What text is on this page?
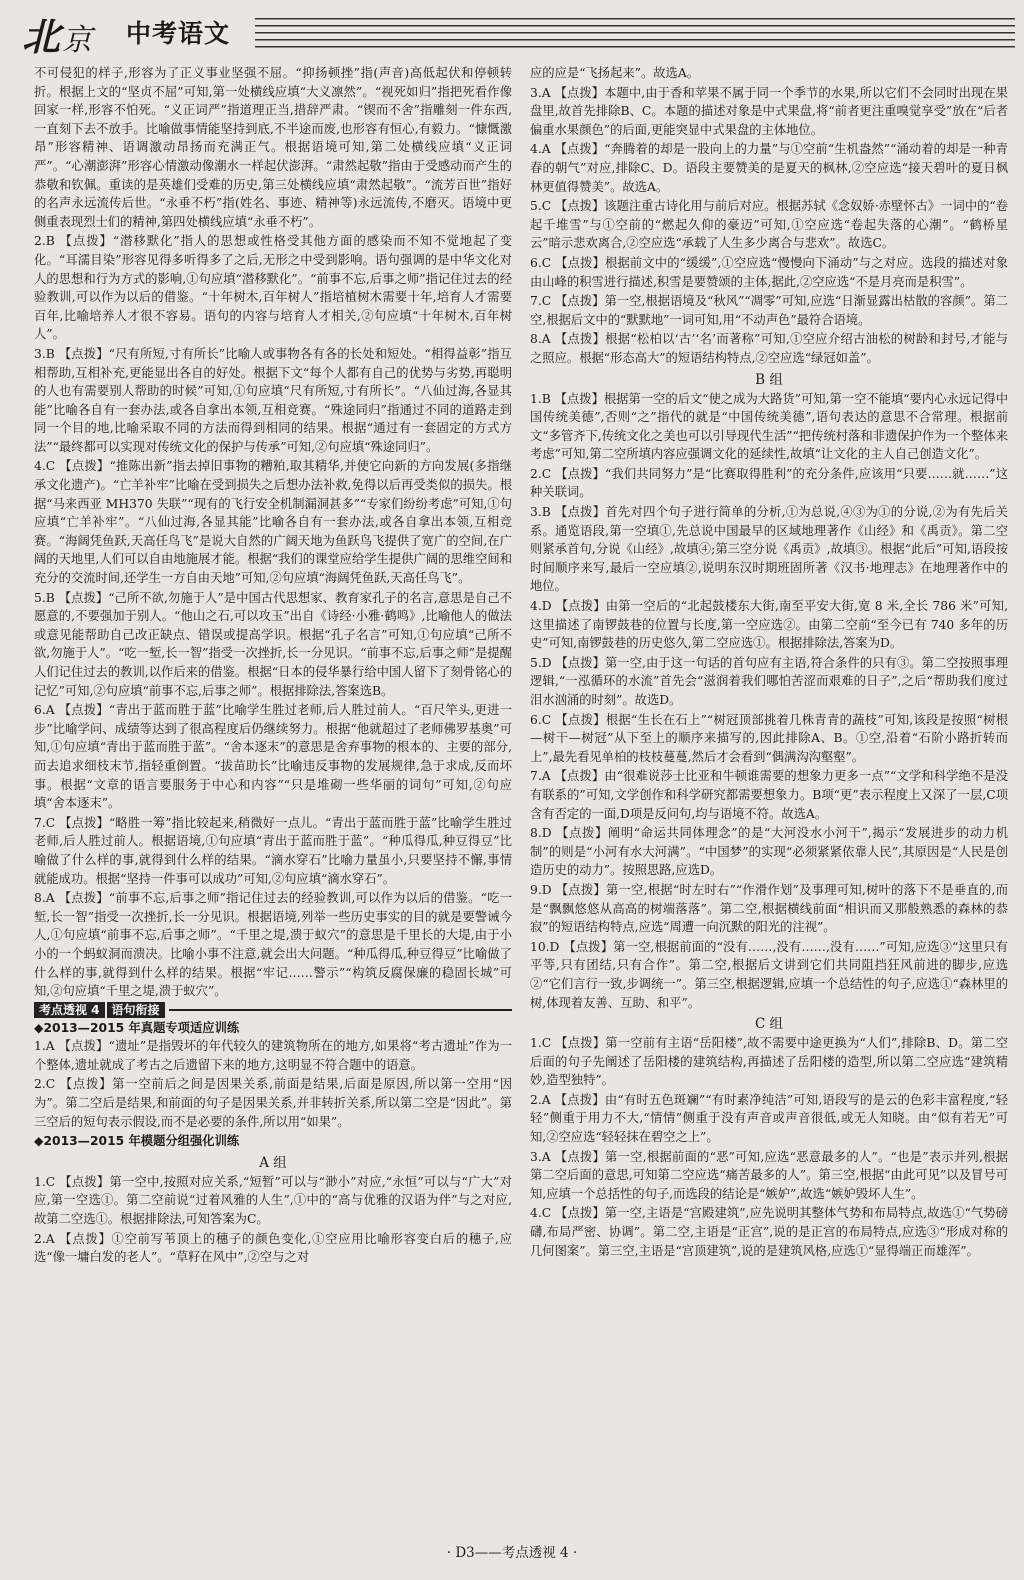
北京 中考语文
不可侵犯的样子,形容为了正义事业坚强不屈。“抑扬顿挫”指(声音)高低起伏和停顿转折。根据上文的“坚贞不屈”可知,第一处横线应填“大义凛然”。“视死如归”指把死看作像回家一样,形容不怕死。“义正词严”指道理正当,措辞严肃。“锲而不舍”指雕刻一件东西,一直刻下去不放手。比喻做事情能坚持到底,不半途而废,也形容有恒心,有毅力。“慷慨激昂”形容精神、语调激动昂扬而充满正气。根据语境可知,第二处横线应填“义正词严”。“心潮澎湃”形容心情激动像潮水一样起伏澎湃。“肃然起敬”指由于受感动而产生的恭敬和钦佩。重读的是英雄们受难的历史,第三处横线应填“肃然起敬”。“流芳百世”指好的名声永远流传后世。“永垂不朽”指(姓名、事迹、精神等)永远流传,不磨灭。语境中更侧重表现烈士们的精神,第四处横线应填“永垂不朽”。
2.B 【点拨】“潜移默化”指人的思想或性格受其他方面的感染而不知不觉地起了变化。“耳濡目染”形容见得多听得多了之后,无形之中受到影响。语句强调的是中华文化对人的思想和行为方式的影响,①句应填“潜移默化”。“前事不忘,后事之师”指记住过去的经验教训,可以作为以后的借鉴。“十年树木,百年树人”指培植树木需要十年,培育人才需要百年,比喻培养人才很不容易。语句的内容与培育人才相关,②句应填“十年树木,百年树人”。
3.B 【点拨】“尺有所短,寸有所长”比喻人或事物各有各的长处和短处。“相得益彰”指互相帮助,互相补充,更能显出各自的好处。根据下文“每个人都有自己的优势与劣势,再聪明的人也有需要别人帮助的时候”可知,①句应填“尺有所短,寸有所长”。“八仙过海,各显其能”比喻各自有一套办法,或各自拿出本领,互相竞赛。“殊途同归”指通过不同的道路走到同一个目的地,比喻采取不同的方法而得到相同的结果。根据“通过有一套固定的方式方法”“最终都可以实现对传统文化的保护与传承”可知,②句应填“殊途同归”。
4.C 【点拨】“推陈出新”指去掉旧事物的糟粕,取其精华,并使它向新的方向发展(多指继承文化遗产)。“亡羊补牢”比喻在受到损失之后想办法补救,免得以后再受类似的损失。根据“马来西亚 MH370 失联”“现有的飞行安全机制漏洞甚多”“专家们纷纷考虑”可知,①句应填“亡羊补牢”。“八仙过海,各显其能”比喻各自有一套办法,或各自拿出本领,互相竞赛。“海阔凭鱼跃,天高任鸟飞”是说大自然的广阔天地为鱼跃鸟飞提供了宽广的空间,在广阔的天地里,人们可以自由地施展才能。根据“我们的课堂应给学生提供广阔的思维空间和充分的交流时间,还学生一方自由天地”可知,②句应填“海阔凭鱼跃,天高任鸟飞”。
5.B 【点拨】“己所不欲,勿施于人”是中国古代思想家、教育家孔子的名言,意思是自己不愿意的,不要强加于别人。“他山之石,可以攻玉”出自《诗经·小雅·鹤鸣》,比喻他人的做法或意见能帮助自己改正缺点、错误或提高学识。根据“孔子名言”可知,①句应填“己所不欲,勿施于人”。“吃一堑,长一智”指受一次挫折,长一分见识。“前事不忘,后事之师”是提醒人们记住过去的教训,以作后来的借鉴。根据“日本的侵华暴行给中国人留下了刻骨铭心的记忆”可知,②句应填“前事不忘,后事之师”。根据排除法,答案选B。
6.A 【点拨】“青出于蓝而胜于蓝”比喻学生胜过老师,后人胜过前人。“百尺竿头,更进一步”比喻学问、成绩等达到了很高程度后仍继续努力。根据“他就超过了老师佛罗基奥”可知,①句应填“青出于蓝而胜于蓝”。“舍本逐末”的意思是舍弃事物的根本的、主要的部分,而去追求细枝末节,指轻重倒置。“拔苗助长”比喻违反事物的发展规律,急于求成,反而坏事。根据“文章的语言要服务于中心和内容”“只是堆砌一些华丽的词句”可知,②句应填“舍本逐末”。
7.C 【点拨】“略胜一筹”指比较起来,稍微好一点儿。“青出于蓝而胜于蓝”比喻学生胜过老师,后人胜过前人。根据语境,①句应填“青出于蓝而胜于蓝”。“种瓜得瓜,种豆得豆”比喻做了什么样的事,就得到什么样的结果。“滴水穿石”比喻力量虽小,只要坚持不懈,事情就能成功。根据“坚持一件事可以成功”可知,②句应填“滴水穿石”。
8.A 【点拨】“前事不忘,后事之师”指记住过去的经验教训,可以作为以后的借鉴。“吃一堑,长一智”指受一次挫折,长一分见识。根据语境,列举一些历史事实的目的就是要警诫今人,①句应填“前事不忘,后事之师”。“千里之堤,溃于蚁穴”的意思是千里长的大堤,由于小小的一个蚂蚁洞而溃决。比喻小事不注意,就会出大问题。“种瓜得瓜,种豆得豆”比喻做了什么样的事,就得到什么样的结果。根据“牢记……警示”“构筑反腐保廉的稳固长城”可知,②句应填“千里之堤,溃于蚁穴”。
考点透视 4	语句衔接
◆2013—2015 年真题专项适应训练
1.A 【点拨】“遗址”是指毁坏的年代较久的建筑物所在的地方,如果将“考古遗址”作为一个整体,遗址就成了考古之后遗留下来的地方,这明显不符合题中的语意。
2.C 【点拨】第一空前后之间是因果关系,前面是结果,后面是原因,所以第一空用“因为”。第二空后是结果,和前面的句子是因果关系,并非转折关系,所以第二空是“因此”。第三空后的短句表示假设,而不是必要的条件,所以用“如果”。
◆2013—2015 年模题分组强化训练
A 组
1.C 【点拨】第一空中,按照对应关系,“短暂”可以与“渺小”对应,“永恒”可以与“广大”对应,第一空选①。第二空前说“过着风雅的人生”,①中的“高与优雅的汉语为伴”与之对应,故第二空选①。根据排除法,可知答案为C。
2.A 【点拨】①空前写苇顶上的穗子的颜色变化,①空应用比喻形容变白后的穗子,应选“像一墉白发的老人”。“草籽在风中”,②空与之对
应的应是“飞扬起来”。故选A。
3.A 【点拨】本题中,由于香和苹果不属于同一个季节的水果,所以它们不会同时出现在果盘里,故首先排除B、C。本题的描述对象是中式果盘,将“前者更注重嗅觉享受”放在“后者偏重水果颜色”的后面,更能突显中式果盘的主体地位。
4.A 【点拨】“奔腾着的却是一股向上的力量”与①空前“生机盎然”“涌动着的却是一种青春的朝气”对应,排除C、D。语段主要赞美的是夏天的枫林,②空应选“接天碧叶的夏日枫林更值得赞美”。故选A。
5.C 【点拨】该题注重古诗化用与前后对应。根据苏轼《念奴娇·赤壁怀古》一词中的“卷起千堆雪”与①空前的“燃起久仰的豪迈”可知,①空应选“卷起失落的心潮”。“鹤桥星云”暗示悲欢离合,②空应选“承载了人生多少离合与悲欢”。故选C。
6.C 【点拨】根据前文中的“缓缓”,①空应选“慢慢向下涌动”与之对应。选段的描述对象由山峰的积雪进行描述,积雪是要赞颂的主体,据此,②空应选“不是月亮而是积雪”。
7.C 【点拨】第一空,根据语境及“秋风”“凋零”可知,应选“日渐显露出枯散的容颜”。第二空,根据后文中的“默默地”一词可知,用“不动声色”最符合语境。
8.A 【点拨】根据“松柏以‘古’‘名’而著称”可知,①空应介绍古油松的树龄和封号,才能与之照应。根据“形态高大”的短语结构特点,②空应选“绿冠如盖”。
B 组
1.B 【点拨】根据第一空的后文“使之成为大路货”可知,第一空不能填“要内心永远记得中国传统美德”,否则“之”指代的就是“中国传统美德”,语句表达的意思不合常理。根据前文“多管齐下,传统文化之美也可以引导现代生活”“把传统村落和非遗保护作为一个整体来考虑”可知,第二空所填内容应强调文化的延续性,故填“让文化的主人自己创造文化”。
2.C 【点拨】“我们共同努力”是“比赛取得胜利”的充分条件,应该用“只要……就……”这种关联词。
3.B 【点拨】首先对四个句子进行简单的分析,①为总说,④③为①的分说,②为有先后关系。通览语段,第一空填①,先总说中国最早的区域地理著作《山经》和《禹贡》。第二空则紧承首句,分说《山经》,故填④;第三空分说《禹贡》,故填③。根据“此后”可知,语段按时间顺序来写,最后一空应填②,说明东汉时期班固所著《汉书·地理志》在地理著作中的地位。
4.D 【点拨】由第一空后的“北起鼓楼东大街,南至平安大街,宽 8 米,全长 786 米”可知,这里描述了南锣鼓巷的位置与长度,第一空应选②。由第二空前“至今已有 740 多年的历史”可知,南锣鼓巷的历史悠久,第二空应选①。根据排除法,答案为D。
5.D 【点拨】第一空,由于这一句话的首句应有主语,符合条件的只有③。第二空按照事理逻辑,“一泓循环的水流”首先会“滋润着我们哪怕苦涩而艰难的日子”,之后“帮助我们度过泪水汹涌的时刻”。故选D。
6.C 【点拨】根据“生长在石上”“树冠顶部挑着几株青青的蔬枝”可知,该段是按照“树根—树干—树冠”从下至上的顺序来描写的,因此排除A、B。①空,沿着“石阶小路折转而上”,最先看见单柏的枝枝蔓蔓,然后才会看到“偶满沟沟壑壑”。
7.A 【点拨】由“很难说莎士比亚和牛顿谁需要的想象力更多一点”“文学和科学绝不是没有联系的”可知,文学创作和科学研究都需要想象力。B项“更”表示程度上又深了一层,C项含有否定的一面,D项是反问句,均与语境不符。故选A。
8.D 【点拨】阐明“命运共同体理念”的是“大河没水小河干”,揭示“发展进步的动力机制”的则是“小河有水大河满”。“中国梦”的实现“必须紧紧依靠人民”,其原因是“人民是创造历史的动力”。按照思路,应选D。
9.D 【点拨】第一空,根据“时左时右”“作滑作划”及事理可知,树叶的落下不是垂直的,而是“飘飘悠悠从高高的树端落落”。第二空,根据横线前面“相识而又那般熟悉的森林的恭寂”的短语结构特点,应选“周遭一向沉默的阳光的注视”。
10.D 【点拨】第一空,根据前面的“没有……,没有……,没有……”可知,应选③“这里只有平等,只有团结,只有合作”。第二空,根据后文讲到它们共同阻挡狂风前进的脚步,应选②“它们言行一致,步调统一”。第三空,根据逻辑,应填一个总结性的句子,应选①“森林里的树,体现着友善、互助、和平”。
C 组
1.C 【点拨】第一空前有主语“岳阳楼”,故不需要中途更换为“人们”,排除B、D。第二空后面的句子先阐述了岳阳楼的建筑结构,再描述了岳阳楼的造型,所以第二空应选“建筑精妙,造型独特”。
2.A 【点拨】由“有时五色斑斓”“有时素净纯洁”可知,语段写的是云的色彩丰富程度,“轻轻”侧重于用力不大,“情情”侧重于没有声音或声音很低,或无人知晓。由“似有若无”可知,②空应选“轻轻抹在碧空之上”。
3.A 【点拨】第一空,根据前面的“恶”可知,应选“恶意最多的人”。“也是”表示并列,根据第二空后面的意思,可知第二空应选“痛苦最多的人”。第三空,根据“由此可见”以及冒号可知,应填一个总括性的句子,而选段的结论是“嫉妒”,故选“嫉妒毁坏人生”。
4.C 【点拨】第一空,主语是“宫殿建筑”,应先说明其整体气势和布局特点,故选①“气势磅礴,布局严密、协调”。第二空,主语是“正宫”,说的是正宫的布局特点,应选③“形成对称的几何图案”。第三空,主语是“宫顶建筑”,说的是建筑风格,应选①“显得端正而雄浑”。
· D3——考点透视 4 ·
